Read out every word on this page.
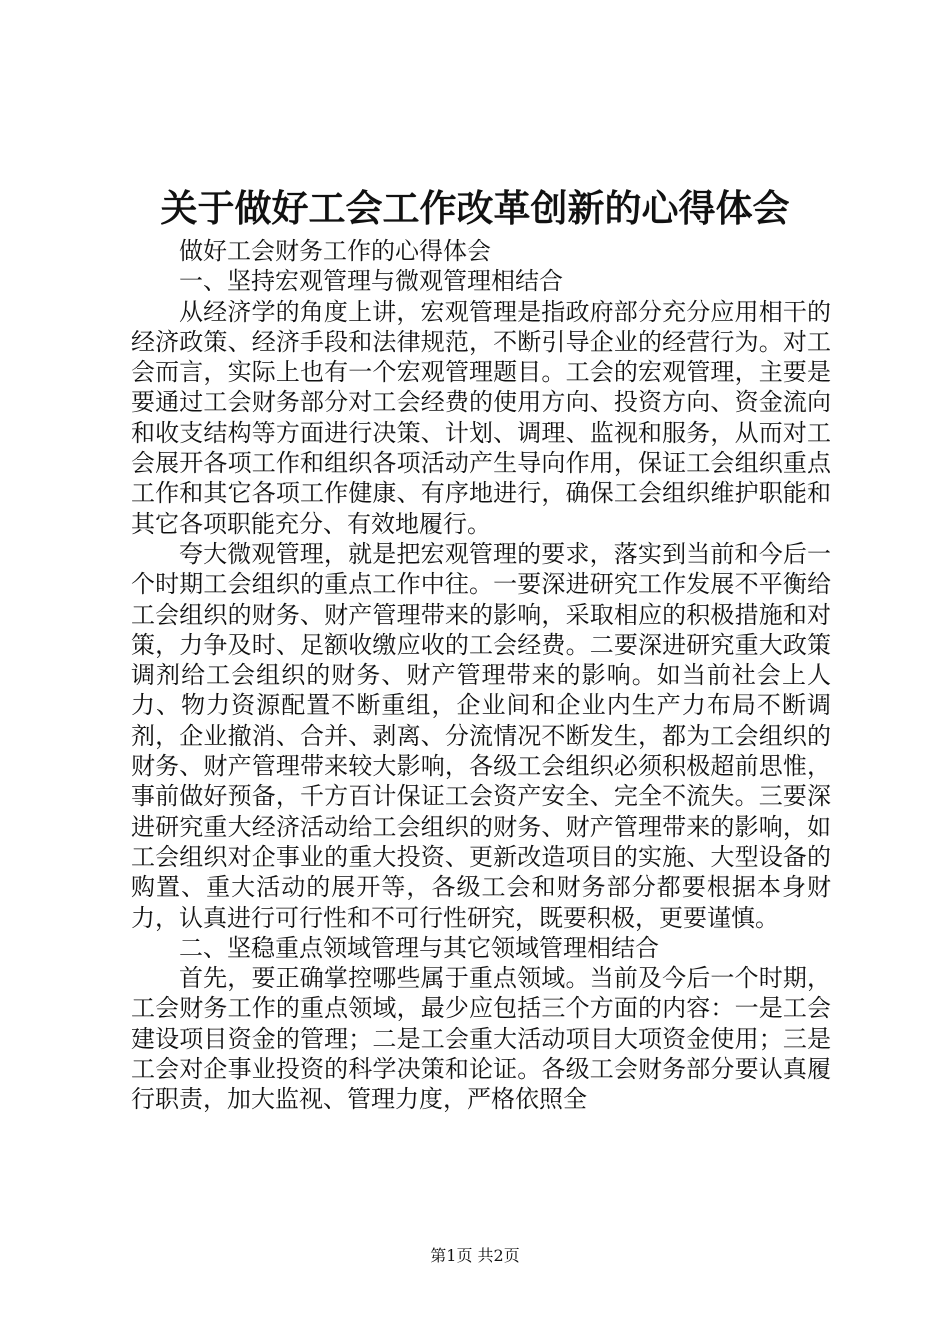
关于做好工会工作改革创新的心得体会

做好工会财务工作的心得体会

一、坚持宏观管理与微观管理相结合

从经济学的角度上讲，宏观管理是指政府部分充分应用相干的经济政策、经济手段和法律规范，不断引导企业的经营行为。对工会而言，实际上也有一个宏观管理题目。工会的宏观管理，主要是要通过工会财务部分对工会经费的使用方向、投资方向、资金流向和收支结构等方面进行决策、计划、调理、监视和服务，从而对工会展开各项工作和组织各项活动产生导向作用，保证工会组织重点工作和其它各项工作健康、有序地进行，确保工会组织维护职能和其它各项职能充分、有效地履行。

夸大微观管理，就是把宏观管理的要求，落实到当前和今后一个时期工会组织的重点工作中往。一要深进研究工作发展不平衡给工会组织的财务、财产管理带来的影响，采取相应的积极措施和对策，力争及时、足额收缴应收的工会经费。二要深进研究重大政策调剂给工会组织的财务、财产管理带来的影响。如当前社会上人力、物力资源配置不断重组，企业间和企业内生产力布局不断调剂，企业撤消、合并、剥离、分流情况不断发生，都为工会组织的财务、财产管理带来较大影响，各级工会组织必须积极超前思惟，事前做好预备，千方百计保证工会资产安全、完全不流失。三要深进研究重大经济活动给工会组织的财务、财产管理带来的影响，如工会组织对企事业的重大投资、更新改造项目的实施、大型设备的购置、重大活动的展开等，各级工会和财务部分都要根据本身财力，认真进行可行性和不可行性研究，既要积极，更要谨慎。

二、坚稳重点领域管理与其它领域管理相结合

首先，要正确掌控哪些属于重点领域。当前及今后一个时期，工会财务工作的重点领域，最少应包括三个方面的内容：一是工会建设项目资金的管理；二是工会重大活动项目大项资金使用；三是工会对企事业投资的科学决策和论证。各级工会财务部分要认真履行职责，加大监视、管理力度，严格依照全

第1页 共2页
